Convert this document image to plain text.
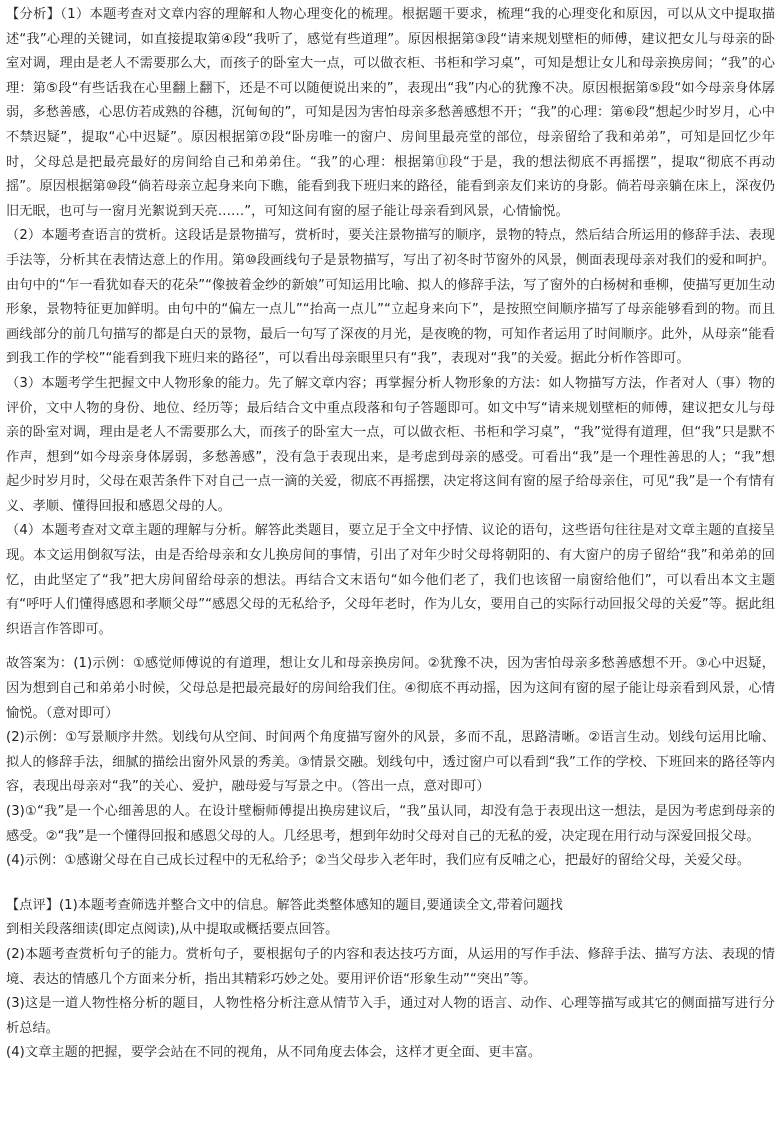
【分析】（1）本题考查对文章内容的理解和人物心理变化的梳理。根据题干要求，梳理“我的心理变化和原因，可以从文中提取描述“我”心理的关键词，如直接提取第④段“我听了，感觉有些道理”。原因根据第③段“请来规划壁柜的师傅，建议把女儿与母亲的卧室对调，理由是老人不需要那么大，而孩子的卧室大一点，可以做衣柜、书柜和学习桌”，可知是想让女儿和母亲换房间；“我”的心理：第⑤段“有些话我在心里翻上翻下，还是不可以随便说出来的”，表现出“我”内心的犹豫不决。原因根据第⑤段“如今母亲身体孱弱，多愁善感，心思仿若成熟的谷穗，沉甸甸的”，可知是因为害怕母亲多愁善感想不开；“我”的心理：第⑥段“想起少时岁月，心中不禁迟疑”，提取“心中迟疑”。原因根据第⑦段“卧房唯一的窗户、房间里最亮堂的部位，母亲留给了我和弟弟”，可知是回忆少年时，父母总是把最亮最好的房间给自己和弟弟住。“我”的心理：根据第⑪段“于是，我的想法彻底不再摇摆”，提取“彻底不再动摇”。原因根据第⑩段“倘若母亲立起身来向下瞧，能看到我下班归来的路径，能看到亲友们来访的身影。倘若母亲躺在床上，深夜仍旧无眠，也可与一窗月光絮说到天亮……”，可知这间有窗的屋子能让母亲看到风景，心情愉悦。

（2）本题考查语言的赏析。这段话是景物描写，赏析时，要关注景物描写的顺序，景物的特点，然后结合所运用的修辞手法、表现手法等，分析其在表情达意上的作用。第⑩段画线句子是景物描写，写出了初冬时节窗外的风景，侧面表现母亲对我们的爱和呵护。由句中的“乍一看犹如春天的花朵”“像披着金纱的新娘”可知运用比喻、拟人的修辞手法，写了窗外的白杨树和垂柳，使描写更加生动形象，景物特征更加鲜明。由句中的“偏左一点儿”“抬高一点儿”“立起身来向下”，是按照空间顺序描写了母亲能够看到的物。而且画线部分的前几句描写的都是白天的景物，最后一句写了深夜的月光，是夜晚的物，可知作者运用了时间顺序。此外，从母亲“能看到我工作的学校”“能看到我下班归来的路径”，可以看出母亲眼里只有“我”，表现对“我”的关爱。据此分析作答即可。

（3）本题考学生把握文中人物形象的能力。先了解文章内容；再掌握分析人物形象的方法：如人物描写方法，作者对人（事）物的评价，文中人物的身份、地位、经历等；最后结合文中重点段落和句子答题即可。如文中写“请来规划壁柜的师傅，建议把女儿与母亲的卧室对调，理由是老人不需要那么大，而孩子的卧室大一点，可以做衣柜、书柜和学习桌”，“我”觉得有道理，但“我”只是默不作声，想到“如今母亲身体孱弱，多愁善感”，没有急于表现出来，是考虑到母亲的感受。可看出“我”是一个理性善思的人；“我”想起少时岁月时，父母在艰苦条件下对自己一点一滴的关爱，彻底不再摇摆，决定将这间有窗的屋子给母亲住，可见“我”是一个有情有义、孝顺、懂得回报和感恩父母的人。

（4）本题考查对文章主题的理解与分析。解答此类题目，要立足于全文中抒情、议论的语句，这些语句往往是对文章主题的直接呈现。本文运用倒叙写法，由是否给母亲和女儿换房间的事情，引出了对年少时父母将朝阳的、有大窗户的房子留给“我”和弟弟的回忆，由此坚定了“我”把大房间留给母亲的想法。再结合文末语句“如今他们老了，我们也该留一扇窗给他们”，可以看出本文主题有“呼吁人们懂得感恩和孝顺父母”“感恩父母的无私给予，父母年老时，作为儿女，要用自己的实际行动回报父母的关爱”等。据此组织语言作答即可。

故答案为：(1)示例：①感觉师傅说的有道理，想让女儿和母亲换房间。②犹豫不决，因为害怕母亲多愁善感想不开。③心中迟疑，因为想到自己和弟弟小时候，父母总是把最亮最好的房间给我们住。④彻底不再动摇，因为这间有窗的屋子能让母亲看到风景，心情愉悦。（意对即可）

(2)示例：①写景顺序井然。划线句从空间、时间两个角度描写窗外的风景，多而不乱，思路清晰。②语言生动。划线句运用比喻、拟人的修辞手法，细腻的描绘出窗外风景的秀美。③情景交融。划线句中，透过窗户可以看到“我”工作的学校、下班回来的路径等内容，表现出母亲对“我”的关心、爱护，融母爱与写景之中。（答出一点，意对即可）

(3)①“我”是一个心细善思的人。在设计壁橱师傅提出换房建议后，“我”虽认同，却没有急于表现出这一想法，是因为考虑到母亲的感受。②“我”是一个懂得回报和感恩父母的人。几经思考，想到年幼时父母对自己的无私的爱，决定现在用行动与深爱回报父母。

(4)示例：①感谢父母在自己成长过程中的无私给予；②当父母步入老年时，我们应有反哺之心，把最好的留给父母，关爱父母。

【点评】(1)本题考查筛选并整合文中的信息。解答此类整体感知的题目,要通读全文,带着问题找
到相关段落细读(即定点阅读),从中提取或概括要点回答。

(2)本题考查赏析句子的能力。赏析句子，要根据句子的内容和表达技巧方面，从运用的写作手法、修辞手法、描写方法、表现的情境、表达的情感几个方面来分析，指出其精彩巧妙之处。要用评价语“形象生动”“突出”等。

(3)这是一道人物性格分析的题目，人物性格分析注意从情节入手，通过对人物的语言、动作、心理等描写或其它的侧面描写进行分析总结。

(4)文章主题的把握，要学会站在不同的视角，从不同角度去体会，这样才更全面、更丰富。
